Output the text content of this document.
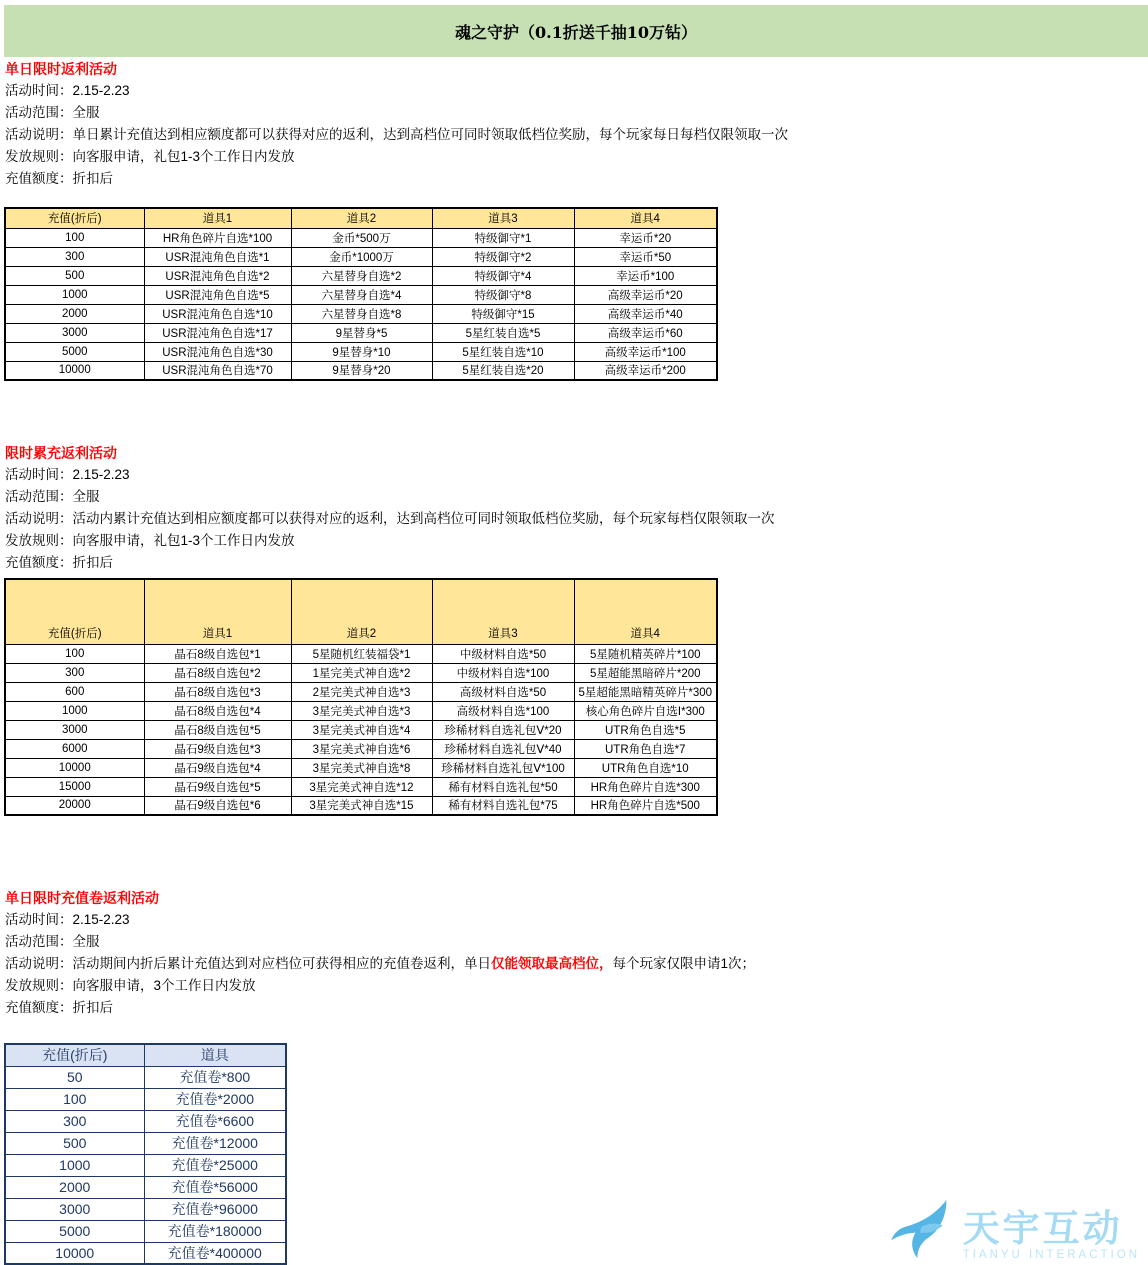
魂之守护（0.1折送千抽10万钻）
单日限时返利活动
活动时间：2.15-2.23
活动范围：全服
活动说明：单日累计充值达到相应额度都可以获得对应的返利，达到高档位可同时领取低档位奖励，每个玩家每日每档仅限领取一次
发放规则：向客服申请，礼包1-3个工作日内发放
充值额度：折扣后
充值(折后)	道具1	道具2	道具3	道具4
100	HR角色碎片自选*100	金币*500万	特级御守*1	幸运币*20
300	USR混沌角色自选*1	金币*1000万	特级御守*2	幸运币*50
500	USR混沌角色自选*2	六星替身自选*2	特级御守*4	幸运币*100
1000	USR混沌角色自选*5	六星替身自选*4	特级御守*8	高级幸运币*20
2000	USR混沌角色自选*10	六星替身自选*8	特级御守*15	高级幸运币*40
3000	USR混沌角色自选*17	9星替身*5	5星红装自选*5	高级幸运币*60
5000	USR混沌角色自选*30	9星替身*10	5星红装自选*10	高级幸运币*100
10000	USR混沌角色自选*70	9星替身*20	5星红装自选*20	高级幸运币*200
限时累充返利活动
活动时间：2.15-2.23
活动范围：全服
活动说明：活动内累计充值达到相应额度都可以获得对应的返利，达到高档位可同时领取低档位奖励，每个玩家每档仅限领取一次
发放规则：向客服申请，礼包1-3个工作日内发放
充值额度：折扣后
充值(折后)	道具1	道具2	道具3	道具4
100	晶石8级自选包*1	5星随机红装福袋*1	中级材料自选*50	5星随机精英碎片*100
300	晶石8级自选包*2	1星完美式神自选*2	中级材料自选*100	5星超能黑暗碎片*200
600	晶石8级自选包*3	2星完美式神自选*3	高级材料自选*50	5星超能黑暗精英碎片*300
1000	晶石8级自选包*4	3星完美式神自选*3	高级材料自选*100	核心角色碎片自选Ⅰ*300
3000	晶石8级自选包*5	3星完美式神自选*4	珍稀材料自选礼包Ⅴ*20	UTR角色自选*5
6000	晶石9级自选包*3	3星完美式神自选*6	珍稀材料自选礼包Ⅴ*40	UTR角色自选*7
10000	晶石9级自选包*4	3星完美式神自选*8	珍稀材料自选礼包Ⅴ*100	UTR角色自选*10
15000	晶石9级自选包*5	3星完美式神自选*12	稀有材料自选礼包*50	HR角色碎片自选*300
20000	晶石9级自选包*6	3星完美式神自选*15	稀有材料自选礼包*75	HR角色碎片自选*500
单日限时充值卷返利活动
活动时间：2.15-2.23
活动范围：全服
活动说明：活动期间内折后累计充值达到对应档位可获得相应的充值卷返利，单日仅能领取最高档位，每个玩家仅限申请1次；
发放规则：向客服申请，3个工作日内发放
充值额度：折扣后
充值(折后)	道具
50	充值卷*800
100	充值卷*2000
300	充值卷*6600
500	充值卷*12000
1000	充值卷*25000
2000	充值卷*56000
3000	充值卷*96000
5000	充值卷*180000
10000	充值卷*400000
天宇互动
TIANYU INTERACTION
